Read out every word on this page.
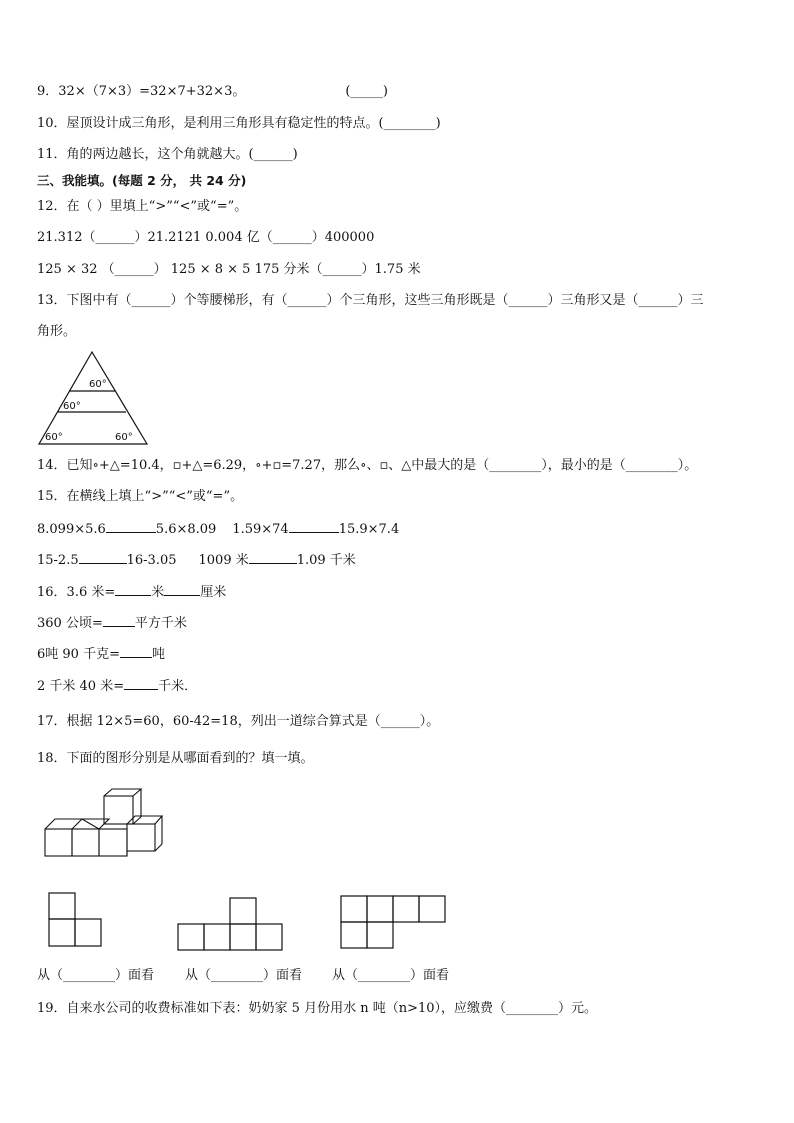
9．32×（7×3）=32×7+32×3。	(_____)
10．屋顶设计成三角形，是利用三角形具有稳定性的特点。(________)
11．角的两边越长，这个角就越大。(______)
三、我能填。(每题 2 分， 共 24 分)
12．在（ ）里填上“>”“<”或“=”。
21.312（______）21.2121 0.004 亿（______）400000
125 × 32 （______） 125 × 8 × 5 175 分米（______）1.75 米
13．下图中有（______）个等腰梯形，有（______）个三角形，这些三角形既是（______）三角形又是（______）三
角形。
60°
60°
60°	60°
14．已知∘+△=10.4，▫+△=6.29，∘+▫=7.27，那么∘、▫、△中最大的是（________），最小的是（________）。
15．在横线上填上“>”“<”或“=”。
8.099×5.6	5.6×8.09 1.59×74	15.9×7.4
15-2.5	16-3.05 1009 米	1.09 千米
16．3.6 米=	米	厘米
360 公顷= 平方千米
6吨 90 千克= 吨
2 千米 40 米=	千米．
17．根据 12×5=60，60-42=18，列出一道综合算式是（______）。
18．下面的图形分别是从哪面看到的？填一填。
从（________）面看 从（________）面看 从（________）面看
19．自来水公司的收费标准如下表：奶奶家 5 月份用水 n 吨（n>10），应缴费（________）元。
